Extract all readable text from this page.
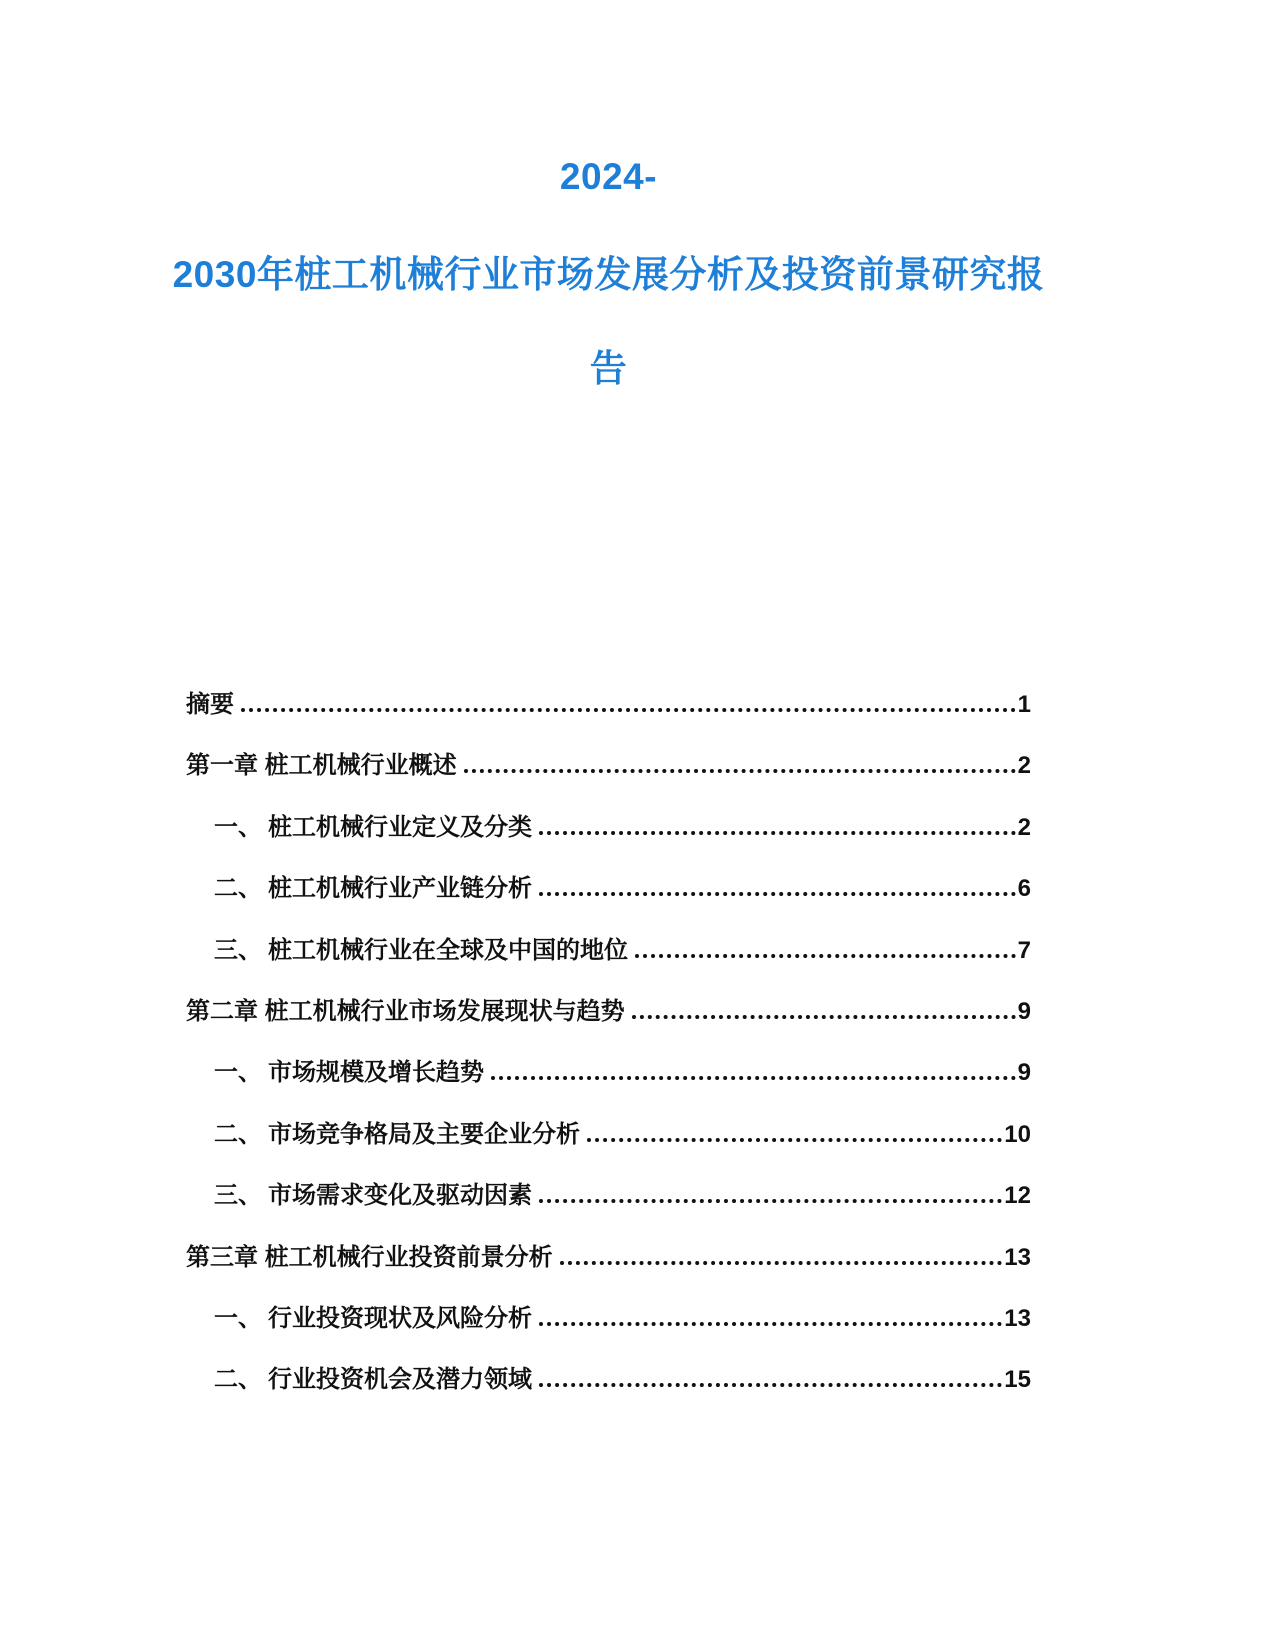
2024-
2030年桩工机械行业市场发展分析及投资前景研究报
告
摘要	1
第一章 桩工机械行业概述	2
一、 桩工机械行业定义及分类	2
二、 桩工机械行业产业链分析	6
三、 桩工机械行业在全球及中国的地位	7
第二章 桩工机械行业市场发展现状与趋势	9
一、 市场规模及增长趋势	9
二、 市场竞争格局及主要企业分析	10
三、 市场需求变化及驱动因素	12
第三章 桩工机械行业投资前景分析	13
一、 行业投资现状及风险分析	13
二、 行业投资机会及潜力领域	15
